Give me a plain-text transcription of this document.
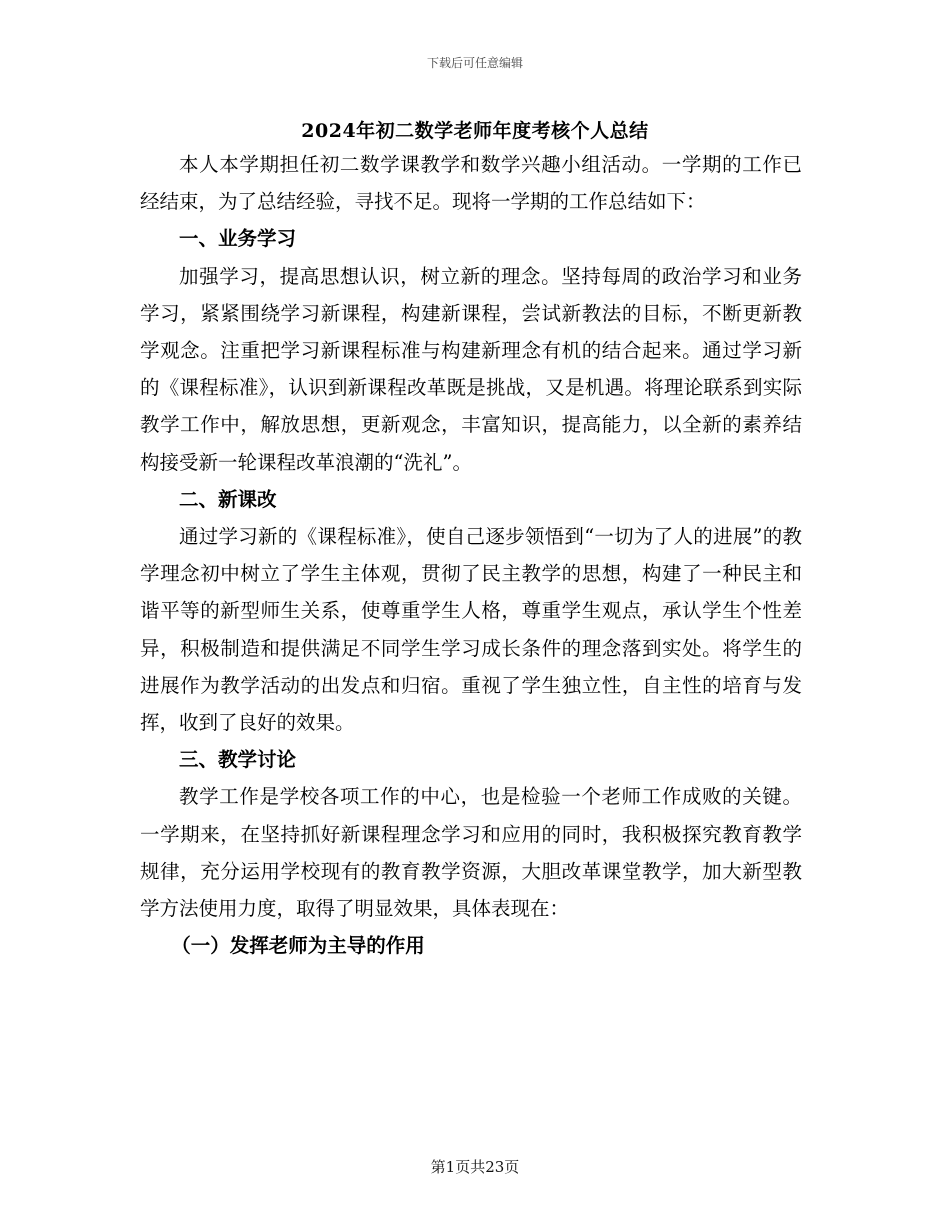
下载后可任意编辑
2024年初二数学老师年度考核个人总结

本人本学期担任初二数学课教学和数学兴趣小组活动。一学期的工作已经结束，为了总结经验，寻找不足。现将一学期的工作总结如下：

一、业务学习

加强学习，提高思想认识，树立新的理念。坚持每周的政治学习和业务学习，紧紧围绕学习新课程，构建新课程，尝试新教法的目标，不断更新教学观念。注重把学习新课程标准与构建新理念有机的结合起来。通过学习新的《课程标准》，认识到新课程改革既是挑战，又是机遇。将理论联系到实际教学工作中，解放思想，更新观念，丰富知识，提高能力，以全新的素养结构接受新一轮课程改革浪潮的“洗礼”。

二、新课改

通过学习新的《课程标准》，使自己逐步领悟到“一切为了人的进展”的教学理念初中树立了学生主体观，贯彻了民主教学的思想，构建了一种民主和谐平等的新型师生关系，使尊重学生人格，尊重学生观点，承认学生个性差异，积极制造和提供满足不同学生学习成长条件的理念落到实处。将学生的进展作为教学活动的出发点和归宿。重视了学生独立性，自主性的培育与发挥，收到了良好的效果。

三、教学讨论

教学工作是学校各项工作的中心，也是检验一个老师工作成败的关键。一学期来，在坚持抓好新课程理念学习和应用的同时，我积极探究教育教学规律，充分运用学校现有的教育教学资源，大胆改革课堂教学，加大新型教学方法使用力度，取得了明显效果，具体表现在：

（一）发挥老师为主导的作用
第1页共23页
